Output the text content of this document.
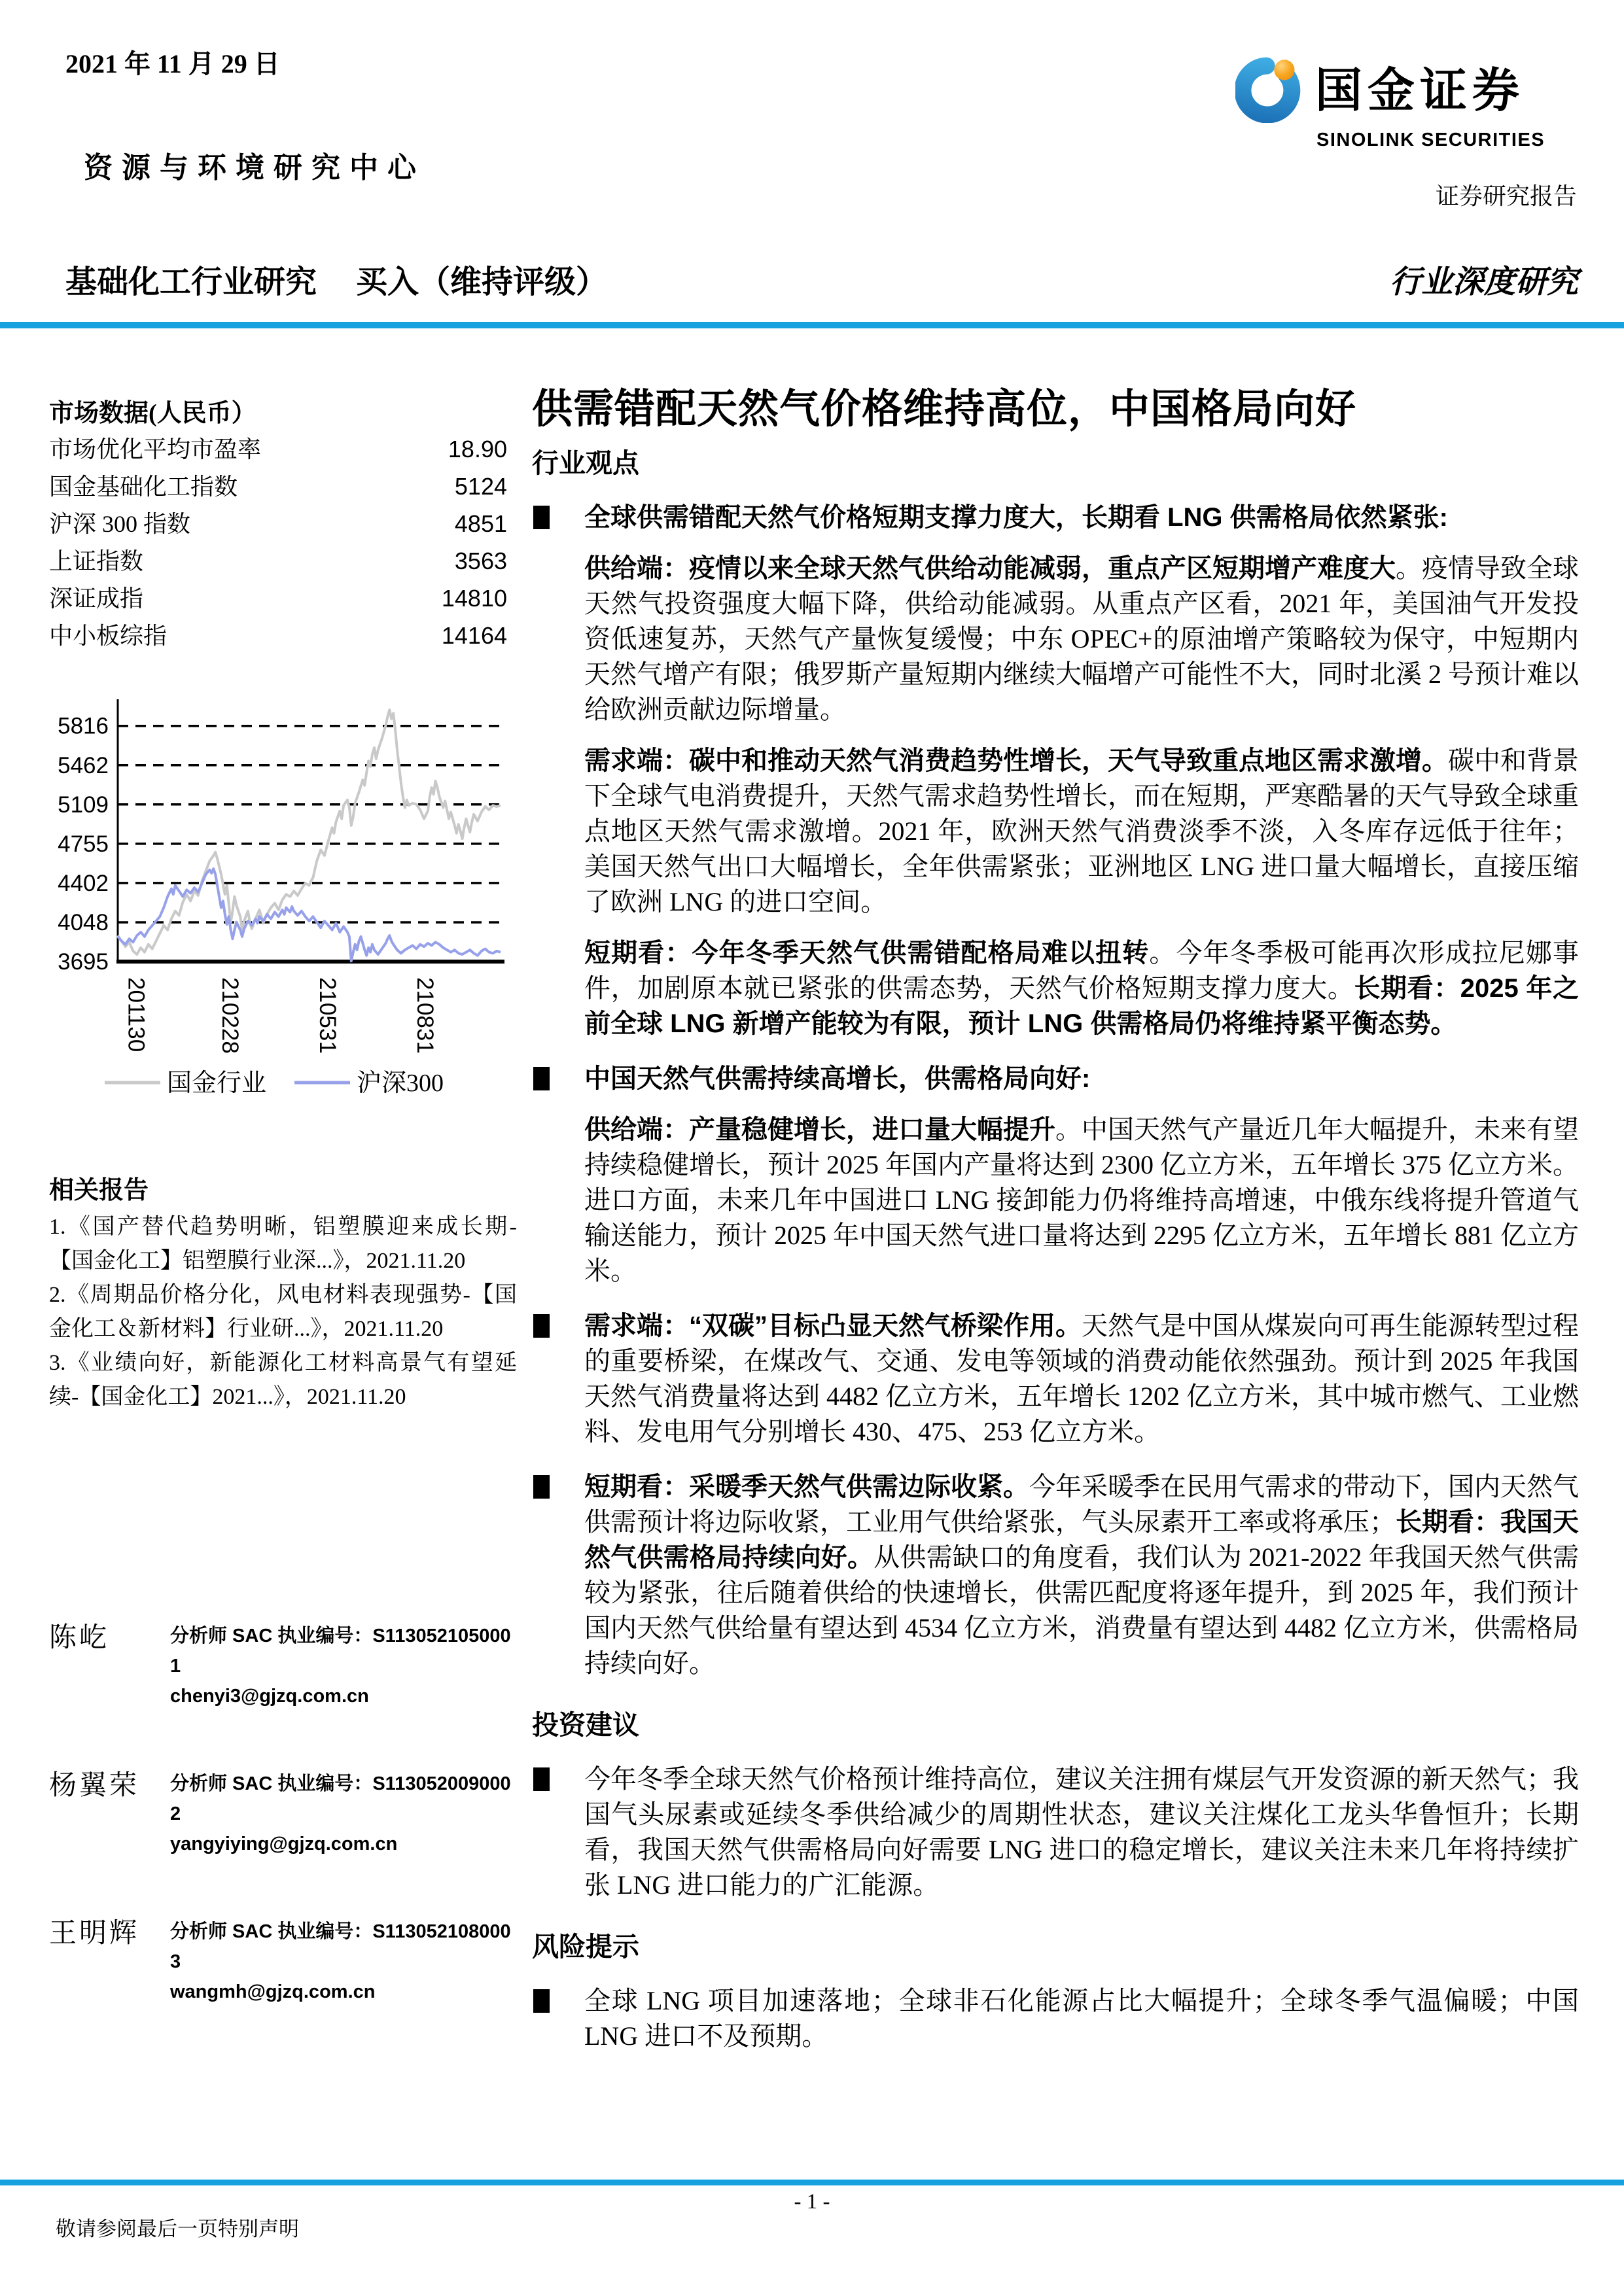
2021 年 11 月 29 日
国金证券
SINOLINK SECURITIES
证券研究报告
资源与环境研究中心
基础化工行业研究 买入（维持评级）	行业深度研究
市场数据(人民币）
市场优化平均市盈率	18.90
国金基础化工指数	5124
沪深 300 指数	4851
上证指数	3563
深证成指	14810
中小板综指	14164
5816
5462
5109
4755
4402
4048
3695
201130	210228	210531	210831
国金行业	沪深300
相关报告
1.《国产替代趋势明晰，铝塑膜迎来成长期-【国金化工】铝塑膜行业深...》，2021.11.20
2.《周期品价格分化，风电材料表现强势-【国金化工＆新材料】行业研...》，2021.11.20
3.《业绩向好，新能源化工材料高景气有望延续-【国金化工】2021...》，2021.11.20
陈屹	分析师 SAC 执业编号：S1130521050001
chenyi3@gjzq.com.cn
杨翼荣	分析师 SAC 执业编号：S1130520090002
yangyiying@gjzq.com.cn
王明辉	分析师 SAC 执业编号：S1130521080003
wangmh@gjzq.com.cn
供需错配天然气价格维持高位，中国格局向好
行业观点
全球供需错配天然气价格短期支撑力度大，长期看 LNG 供需格局依然紧张:
供给端：疫情以来全球天然气供给动能减弱，重点产区短期增产难度大。疫情导致全球天然气投资强度大幅下降，供给动能减弱。从重点产区看，2021 年，美国油气开发投资低速复苏，天然气产量恢复缓慢；中东 OPEC+的原油增产策略较为保守，中短期内天然气增产有限；俄罗斯产量短期内继续大幅增产可能性不大，同时北溪 2 号预计难以给欧洲贡献边际增量。
需求端：碳中和推动天然气消费趋势性增长，天气导致重点地区需求激增。碳中和背景下全球气电消费提升，天然气需求趋势性增长，而在短期，严寒酷暑的天气导致全球重点地区天然气需求激增。2021 年，欧洲天然气消费淡季不淡，入冬库存远低于往年；美国天然气出口大幅增长，全年供需紧张；亚洲地区 LNG 进口量大幅增长，直接压缩了欧洲 LNG 的进口空间。
短期看：今年冬季天然气供需错配格局难以扭转。今年冬季极可能再次形成拉尼娜事件，加剧原本就已紧张的供需态势，天然气价格短期支撑力度大。长期看：2025 年之前全球 LNG 新增产能较为有限，预计 LNG 供需格局仍将维持紧平衡态势。
中国天然气供需持续高增长，供需格局向好:
供给端：产量稳健增长，进口量大幅提升。中国天然气产量近几年大幅提升，未来有望持续稳健增长，预计 2025 年国内产量将达到 2300 亿立方米，五年增长 375 亿立方米。进口方面，未来几年中国进口 LNG 接卸能力仍将维持高增速，中俄东线将提升管道气输送能力，预计 2025 年中国天然气进口量将达到 2295 亿立方米，五年增长 881 亿立方米。
需求端：“双碳”目标凸显天然气桥梁作用。天然气是中国从煤炭向可再生能源转型过程的重要桥梁，在煤改气、交通、发电等领域的消费动能依然强劲。预计到 2025 年我国天然气消费量将达到 4482 亿立方米，五年增长 1202 亿立方米，其中城市燃气、工业燃料、发电用气分别增长 430、475、253 亿立方米。
短期看：采暖季天然气供需边际收紧。今年采暖季在民用气需求的带动下，国内天然气供需预计将边际收紧，工业用气供给紧张，气头尿素开工率或将承压；长期看：我国天然气供需格局持续向好。从供需缺口的角度看，我们认为 2021-2022 年我国天然气供需较为紧张，往后随着供给的快速增长，供需匹配度将逐年提升，到 2025 年，我们预计国内天然气供给量有望达到 4534 亿立方米，消费量有望达到 4482 亿立方米，供需格局持续向好。
投资建议
今年冬季全球天然气价格预计维持高位，建议关注拥有煤层气开发资源的新天然气；我国气头尿素或延续冬季供给减少的周期性状态，建议关注煤化工龙头华鲁恒升；长期看，我国天然气供需格局向好需要 LNG 进口的稳定增长，建议关注未来几年将持续扩张 LNG 进口能力的广汇能源。
风险提示
全球 LNG 项目加速落地；全球非石化能源占比大幅提升；全球冬季气温偏暖；中国 LNG 进口不及预期。
- 1 -
敬请参阅最后一页特别声明
